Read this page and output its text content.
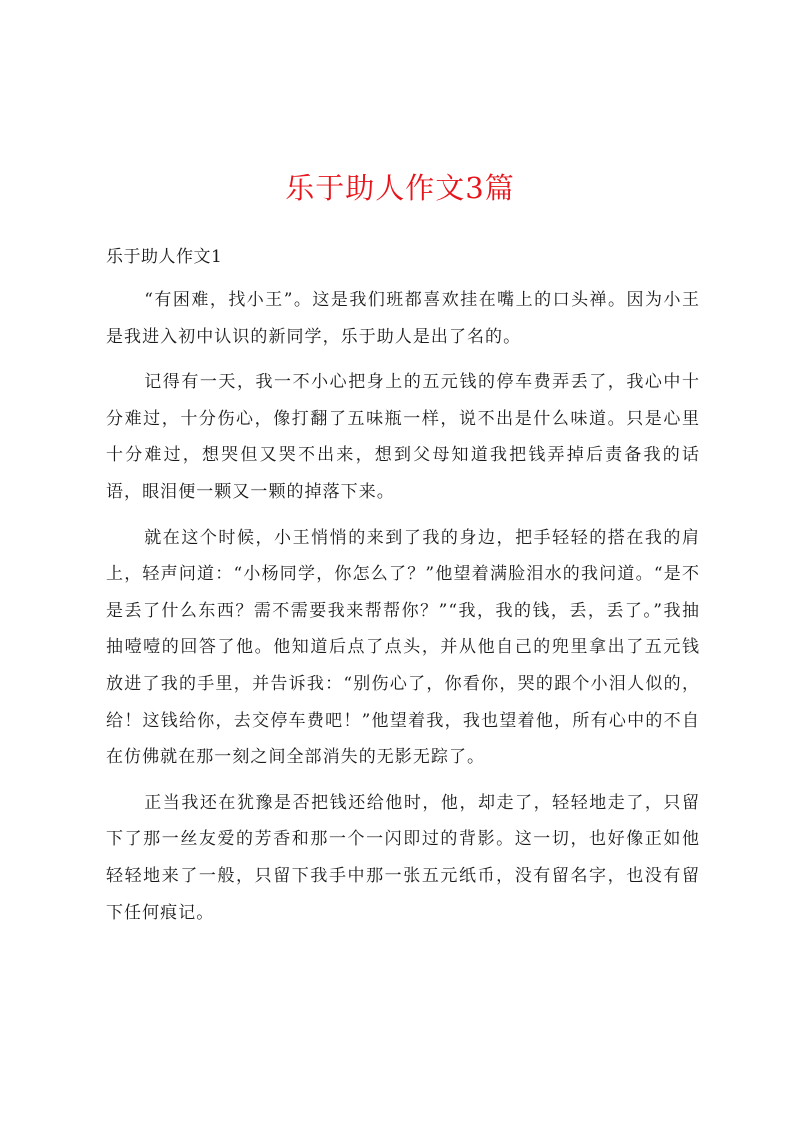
乐于助人作文3篇
乐于助人作文1

“有困难，找小王”。这是我们班都喜欢挂在嘴上的口头禅。因为小王是我进入初中认识的新同学，乐于助人是出了名的。

记得有一天，我一不小心把身上的五元钱的停车费弄丢了，我心中十分难过，十分伤心，像打翻了五味瓶一样，说不出是什么味道。只是心里十分难过，想哭但又哭不出来，想到父母知道我把钱弄掉后责备我的话语，眼泪便一颗又一颗的掉落下来。

就在这个时候，小王悄悄的来到了我的身边，把手轻轻的搭在我的肩上，轻声问道：“小杨同学，你怎么了？”他望着满脸泪水的我问道。“是不是丢了什么东西？需不需要我来帮帮你？”“我，我的钱，丢，丢了。”我抽抽噎噎的回答了他。他知道后点了点头，并从他自己的兜里拿出了五元钱放进了我的手里，并告诉我：“别伤心了，你看你，哭的跟个小泪人似的，给！这钱给你，去交停车费吧！”他望着我，我也望着他，所有心中的不自在仿佛就在那一刻之间全部消失的无影无踪了。

正当我还在犹豫是否把钱还给他时，他，却走了，轻轻地走了，只留下了那一丝友爱的芳香和那一个一闪即过的背影。这一切，也好像正如他轻轻地来了一般，只留下我手中那一张五元纸币，没有留名字，也没有留下任何痕记。
